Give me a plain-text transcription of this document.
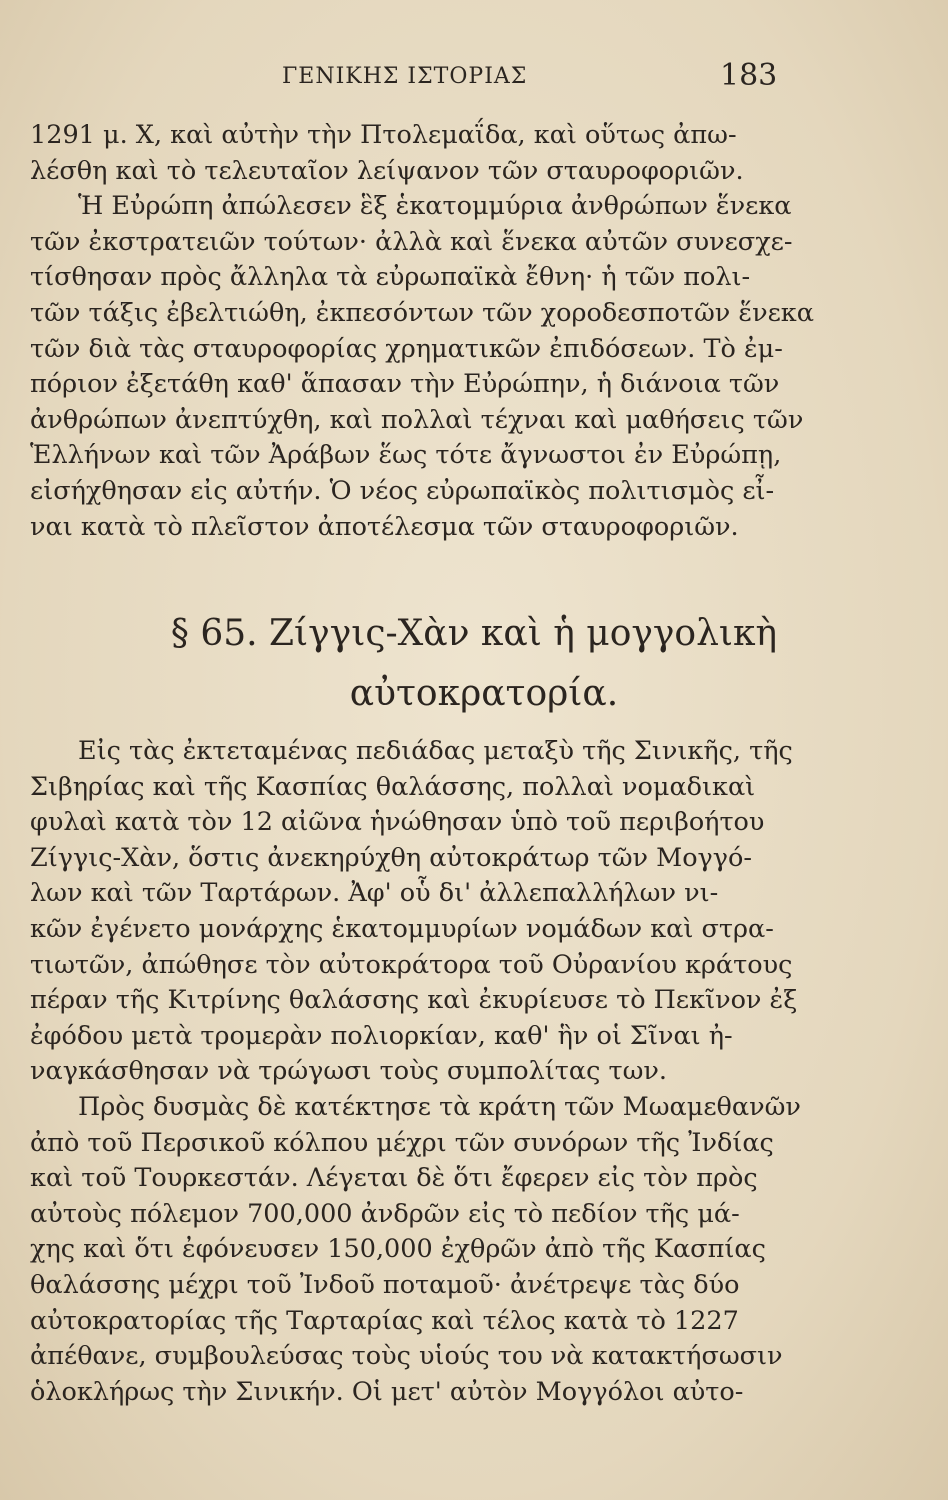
ΓΕΝΙΚΗΣ ΙΣΤΟΡΙΑΣ	183
1291 μ. Χ, καὶ αὐτὴν τὴν Πτολεμαΐδα, καὶ οὕτως ἀπω-
λέσθη καὶ τὸ τελευταῖον λείψανον τῶν σταυροφοριῶν.
Ἡ Εὐρώπη ἀπώλεσεν ἓξ ἑκατομμύρια ἀνθρώπων ἕνεκα
τῶν ἐκστρατειῶν τούτων· ἀλλὰ καὶ ἕνεκα αὐτῶν συνεσχε-
τίσθησαν πρὸς ἄλληλα τὰ εὐρωπαϊκὰ ἔθνη· ἡ τῶν πολι-
τῶν τάξις ἐβελτιώθη, ἐκπεσόντων τῶν χοροδεσποτῶν ἕνεκα
τῶν διὰ τὰς σταυροφορίας χρηματικῶν ἐπιδόσεων. Τὸ ἐμ-
πόριον ἐξετάθη καθ' ἅπασαν τὴν Εὐρώπην, ἡ διάνοια τῶν
ἀνθρώπων ἀνεπτύχθη, καὶ πολλαὶ τέχναι καὶ μαθήσεις τῶν
Ἑλλήνων καὶ τῶν Ἀράβων ἕως τότε ἄγνωστοι ἐν Εὐρώπῃ,
εἰσήχθησαν εἰς αὐτήν. Ὁ νέος εὐρωπαϊκὸς πολιτισμὸς εἶ-
ναι κατὰ τὸ πλεῖστον ἀποτέλεσμα τῶν σταυροφοριῶν.
§ 65. Ζίγγις-Χὰν καὶ ἡ μογγολικὴ
αὐτοκρατορία.
Εἰς τὰς ἐκτεταμένας πεδιάδας μεταξὺ τῆς Σινικῆς, τῆς
Σιβηρίας καὶ τῆς Κασπίας θαλάσσης, πολλαὶ νομαδικαὶ
φυλαὶ κατὰ τὸν 12 αἰῶνα ἡνώθησαν ὑπὸ τοῦ περιβοήτου
Ζίγγις-Χὰν, ὅστις ἀνεκηρύχθη αὐτοκράτωρ τῶν Μογγό-
λων καὶ τῶν Ταρτάρων. Ἀφ' οὗ δι' ἀλλεπαλλήλων νι-
κῶν ἐγένετο μονάρχης ἑκατομμυρίων νομάδων καὶ στρα-
τιωτῶν, ἀπώθησε τὸν αὐτοκράτορα τοῦ Οὐρανίου κράτους
πέραν τῆς Κιτρίνης θαλάσσης καὶ ἐκυρίευσε τὸ Πεκῖνον ἐξ
ἐφόδου μετὰ τρομερὰν πολιορκίαν, καθ' ἣν οἱ Σῖναι ἠ-
ναγκάσθησαν νὰ τρώγωσι τοὺς συμπολίτας των.
Πρὸς δυσμὰς δὲ κατέκτησε τὰ κράτη τῶν Μωαμεθανῶν
ἀπὸ τοῦ Περσικοῦ κόλπου μέχρι τῶν συνόρων τῆς Ἰνδίας
καὶ τοῦ Τουρκεστάν. Λέγεται δὲ ὅτι ἔφερεν εἰς τὸν πρὸς
αὐτοὺς πόλεμον 700,000 ἀνδρῶν εἰς τὸ πεδίον τῆς μά-
χης καὶ ὅτι ἐφόνευσεν 150,000 ἐχθρῶν ἀπὸ τῆς Κασπίας
θαλάσσης μέχρι τοῦ Ἰνδοῦ ποταμοῦ· ἀνέτρεψε τὰς δύο
αὐτοκρατορίας τῆς Ταρταρίας καὶ τέλος κατὰ τὸ 1227
ἀπέθανε, συμβουλεύσας τοὺς υἱούς του νὰ κατακτήσωσιν
ὁλοκλήρως τὴν Σινικήν. Οἱ μετ' αὐτὸν Μογγόλοι αὐτο-
